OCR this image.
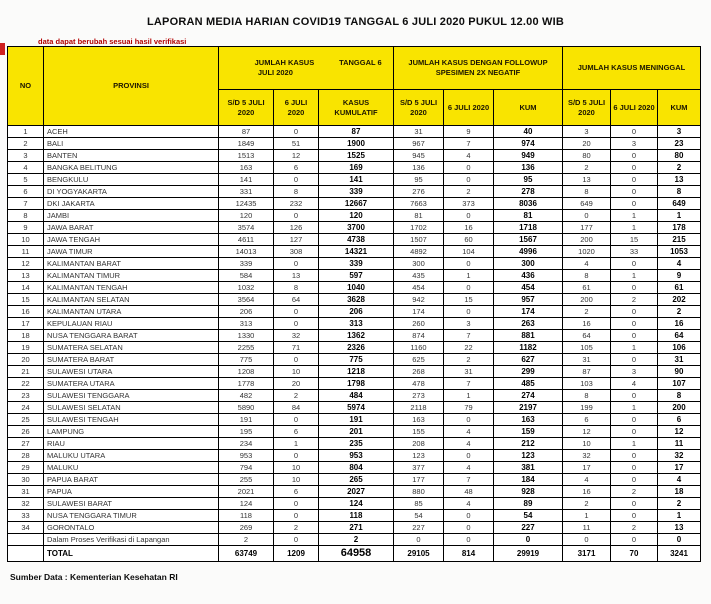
LAPORAN MEDIA HARIAN COVID19 TANGGAL 6 JULI 2020 PUKUL 12.00 WIB
data dapat berubah sesuai hasil verifikasi
NO	PROVINSI	JUMLAH KASUS TANGGAL 6
JULI 2020			JUMLAH KASUS DENGAN FOLLOWUP SPESIMEN 2X NEGATIF			JUMLAH KASUS MENINGGAL		
		S/D 5 JULI 2020	6 JULI 2020	KASUS KUMULATIF	S/D 5 JULI 2020	6 JULI 2020	KUM	S/D 5 JULI 2020	6 JULI 2020	KUM
1	ACEH	87	0	87	31	9	40	3	0	3
2	BALI	1849	51	1900	967	7	974	20	3	23
3	BANTEN	1513	12	1525	945	4	949	80	0	80
4	BANGKA BELITUNG	163	6	169	136	0	136	2	0	2
5	BENGKULU	141	0	141	95	0	95	13	0	13
6	DI YOGYAKARTA	331	8	339	276	2	278	8	0	8
7	DKI JAKARTA	12435	232	12667	7663	373	8036	649	0	649
8	JAMBI	120	0	120	81	0	81	0	1	1
9	JAWA BARAT	3574	126	3700	1702	16	1718	177	1	178
10	JAWA TENGAH	4611	127	4738	1507	60	1567	200	15	215
11	JAWA TIMUR	14013	308	14321	4892	104	4996	1020	33	1053
12	KALIMANTAN BARAT	339	0	339	300	0	300	4	0	4
13	KALIMANTAN TIMUR	584	13	597	435	1	436	8	1	9
14	KALIMANTAN TENGAH	1032	8	1040	454	0	454	61	0	61
15	KALIMANTAN SELATAN	3564	64	3628	942	15	957	200	2	202
16	KALIMANTAN UTARA	206	0	206	174	0	174	2	0	2
17	KEPULAUAN RIAU	313	0	313	260	3	263	16	0	16
18	NUSA TENGGARA BARAT	1330	32	1362	874	7	881	64	0	64
19	SUMATERA SELATAN	2255	71	2326	1160	22	1182	105	1	106
20	SUMATERA BARAT	775	0	775	625	2	627	31	0	31
21	SULAWESI UTARA	1208	10	1218	268	31	299	87	3	90
22	SUMATERA UTARA	1778	20	1798	478	7	485	103	4	107
23	SULAWESI TENGGARA	482	2	484	273	1	274	8	0	8
24	SULAWESI SELATAN	5890	84	5974	2118	79	2197	199	1	200
25	SULAWESI TENGAH	191	0	191	163	0	163	6	0	6
26	LAMPUNG	195	6	201	155	4	159	12	0	12
27	RIAU	234	1	235	208	4	212	10	1	11
28	MALUKU UTARA	953	0	953	123	0	123	32	0	32
29	MALUKU	794	10	804	377	4	381	17	0	17
30	PAPUA BARAT	255	10	265	177	7	184	4	0	4
31	PAPUA	2021	6	2027	880	48	928	16	2	18
32	SULAWESI BARAT	124	0	124	85	4	89	2	0	2
33	NUSA TENGGARA TIMUR	118	0	118	54	0	54	1	0	1
34	GORONTALO	269	2	271	227	0	227	11	2	13
	Dalam Proses Verifikasi di Lapangan	2	0	2	0	0	0	0	0	0
	TOTAL	63749	1209	64958	29105	814	29919	3171	70	3241
Sumber Data : Kementerian Kesehatan RI
